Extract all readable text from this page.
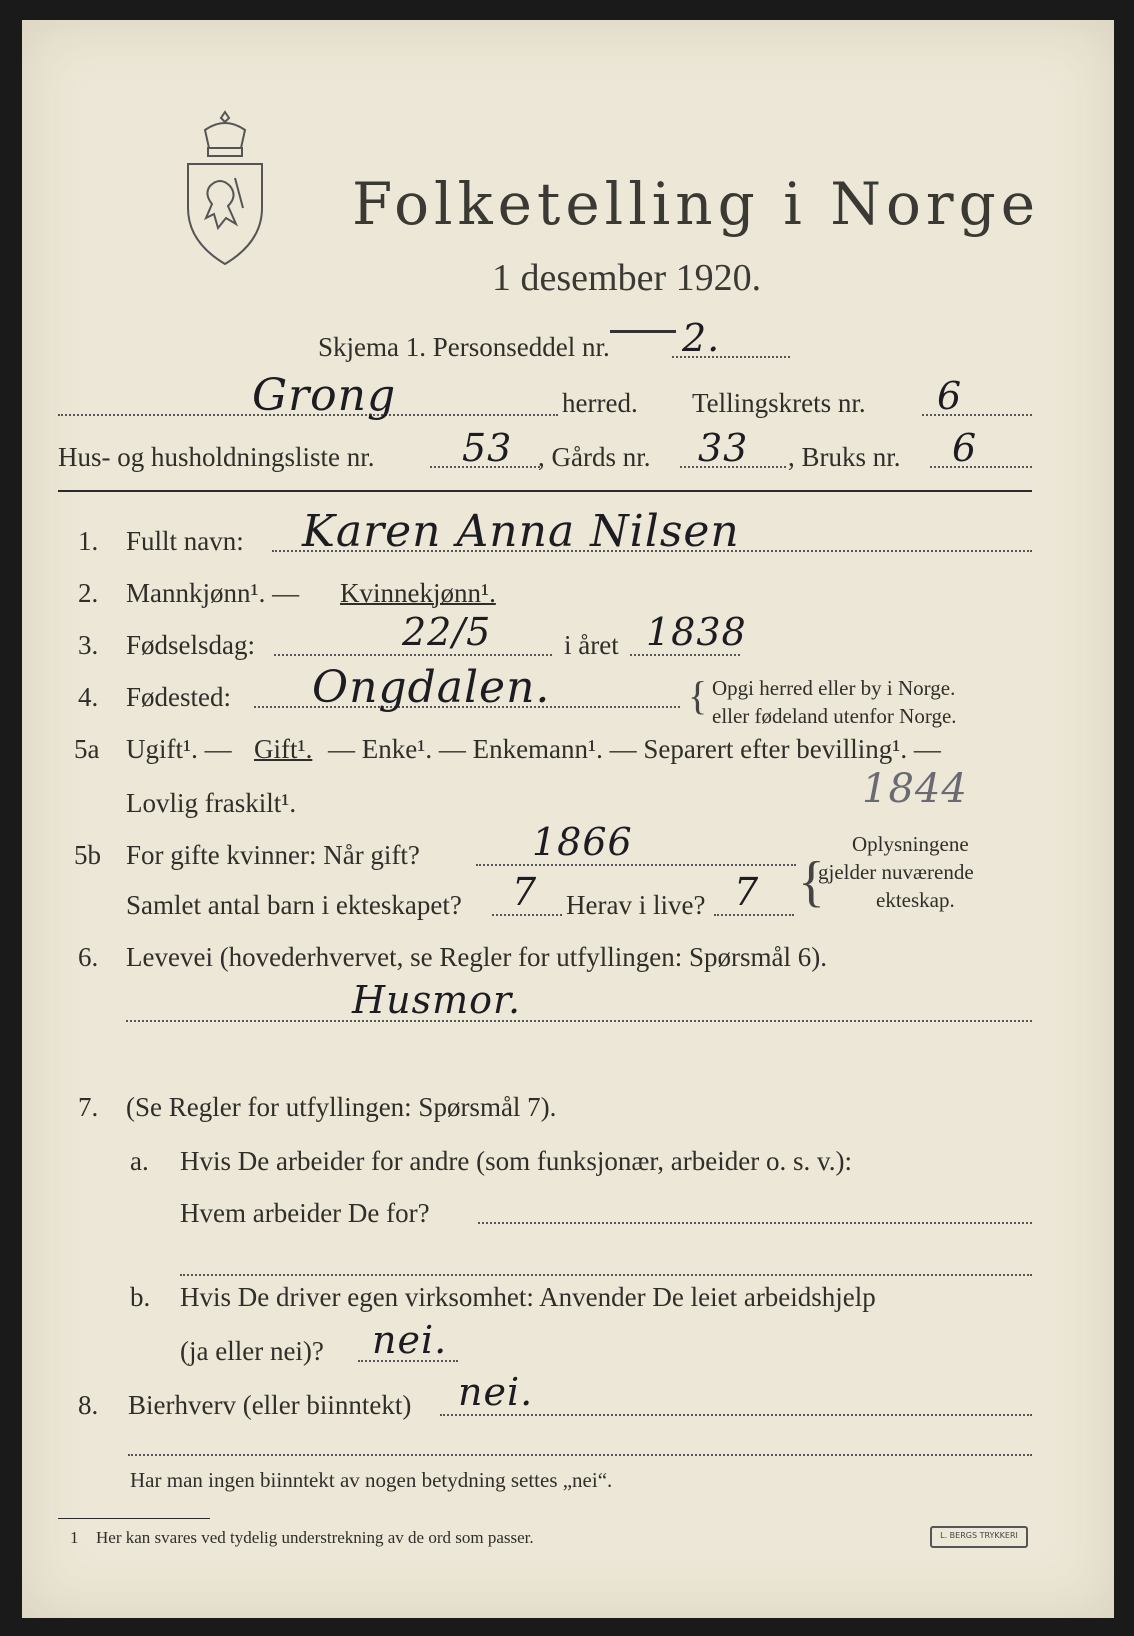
Folketelling i Norge
1 desember 1920.
Skjema 1. Personseddel nr. 2.
Grong	herred. Tellingskrets nr. 6
Hus- og husholdningsliste nr. 53 , Gårds nr. 33 , Bruks nr. 6
1. Fullt navn: Karen Anna Nilsen
2. Mannkjønn¹. — Kvinnekjønn¹.
3. Fødselsdag:	22/5	i året 1838
4. Fødested: Ongdalen.	{ Opgi herred eller by i Norge.
eller fødeland utenfor Norge.
5a Ugift¹. — Gift¹. — Enke¹. — Enkemann¹. — Separert efter bevilling¹. —
Lovlig fraskilt¹.	1844
5b For gifte kvinner: Når gift?	1866
Samlet antal barn i ekteskapet? 7 Herav i live? 7 {
Oplysningene
gjelder nuværende
ekteskap.
6. Levevei (hovederhvervet, se Regler for utfyllingen: Spørsmål 6).
Husmor.
7. (Se Regler for utfyllingen: Spørsmål 7).
a. Hvis De arbeider for andre (som funksjonær, arbeider o. s. v.):
Hvem arbeider De for?
b. Hvis De driver egen virksomhet: Anvender De leiet arbeidshjelp
(ja eller nei)? nei.
8. Bierhverv (eller biinntekt) nei.
Har man ingen biinntekt av nogen betydning settes „nei“.
1 Her kan svares ved tydelig understrekning av de ord som passer.	L. BERGS TRYKKERI
